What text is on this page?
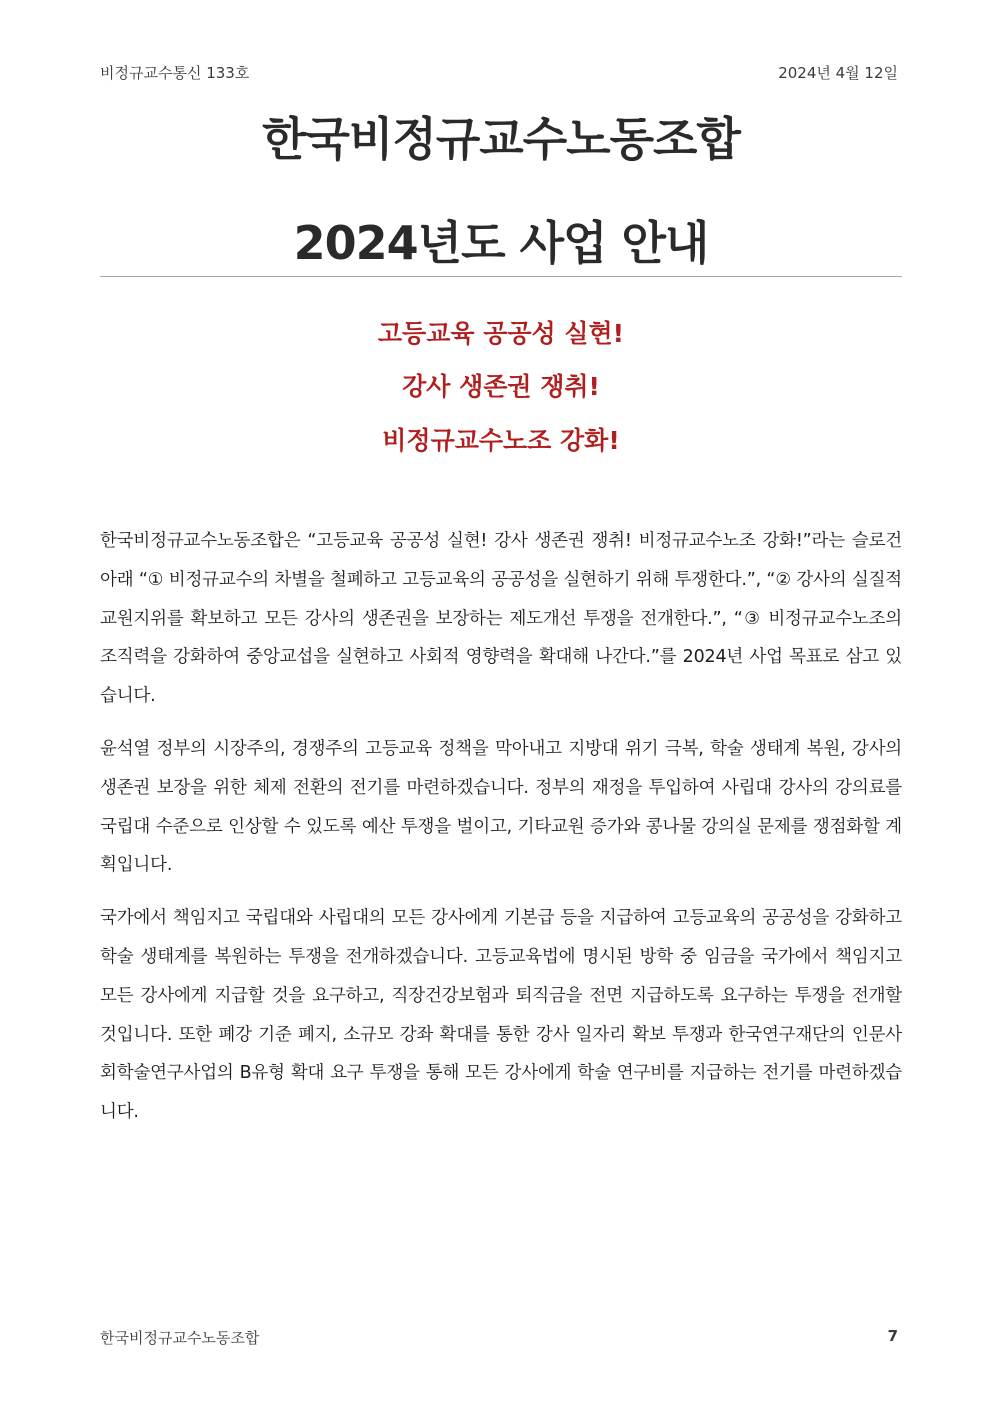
비정규교수통신 133호	2024년 4월 12일
한국비정규교수노동조합
2024년도 사업 안내
고등교육 공공성 실현!
강사 생존권 쟁취!
비정규교수노조 강화!

한국비정규교수노동조합은 “고등교육 공공성 실현! 강사 생존권 쟁취! 비정규교수노조 강화!”라는 슬로건 아래 “① 비정규교수의 차별을 철폐하고 고등교육의 공공성을 실현하기 위해 투쟁한다.”, “② 강사의 실질적 교원지위를 확보하고 모든 강사의 생존권을 보장하는 제도개선 투쟁을 전개한다.”, “③ 비정규교수노조의 조직력을 강화하여 중앙교섭을 실현하고 사회적 영향력을 확대해 나간다.”를 2024년 사업 목표로 삼고 있습니다.

윤석열 정부의 시장주의, 경쟁주의 고등교육 정책을 막아내고 지방대 위기 극복, 학술 생태계 복원, 강사의 생존권 보장을 위한 체제 전환의 전기를 마련하겠습니다. 정부의 재정을 투입하여 사립대 강사의 강의료를 국립대 수준으로 인상할 수 있도록 예산 투쟁을 벌이고, 기타교원 증가와 콩나물 강의실 문제를 쟁점화할 계획입니다.

국가에서 책임지고 국립대와 사립대의 모든 강사에게 기본급 등을 지급하여 고등교육의 공공성을 강화하고 학술 생태계를 복원하는 투쟁을 전개하겠습니다. 고등교육법에 명시된 방학 중 임금을 국가에서 책임지고 모든 강사에게 지급할 것을 요구하고, 직장건강보험과 퇴직금을 전면 지급하도록 요구하는 투쟁을 전개할 것입니다. 또한 폐강 기준 폐지, 소규모 강좌 확대를 통한 강사 일자리 확보 투쟁과 한국연구재단의 인문사회학술연구사업의 B유형 확대 요구 투쟁을 통해 모든 강사에게 학술 연구비를 지급하는 전기를 마련하겠습니다.

한국비정규교수노동조합	7
